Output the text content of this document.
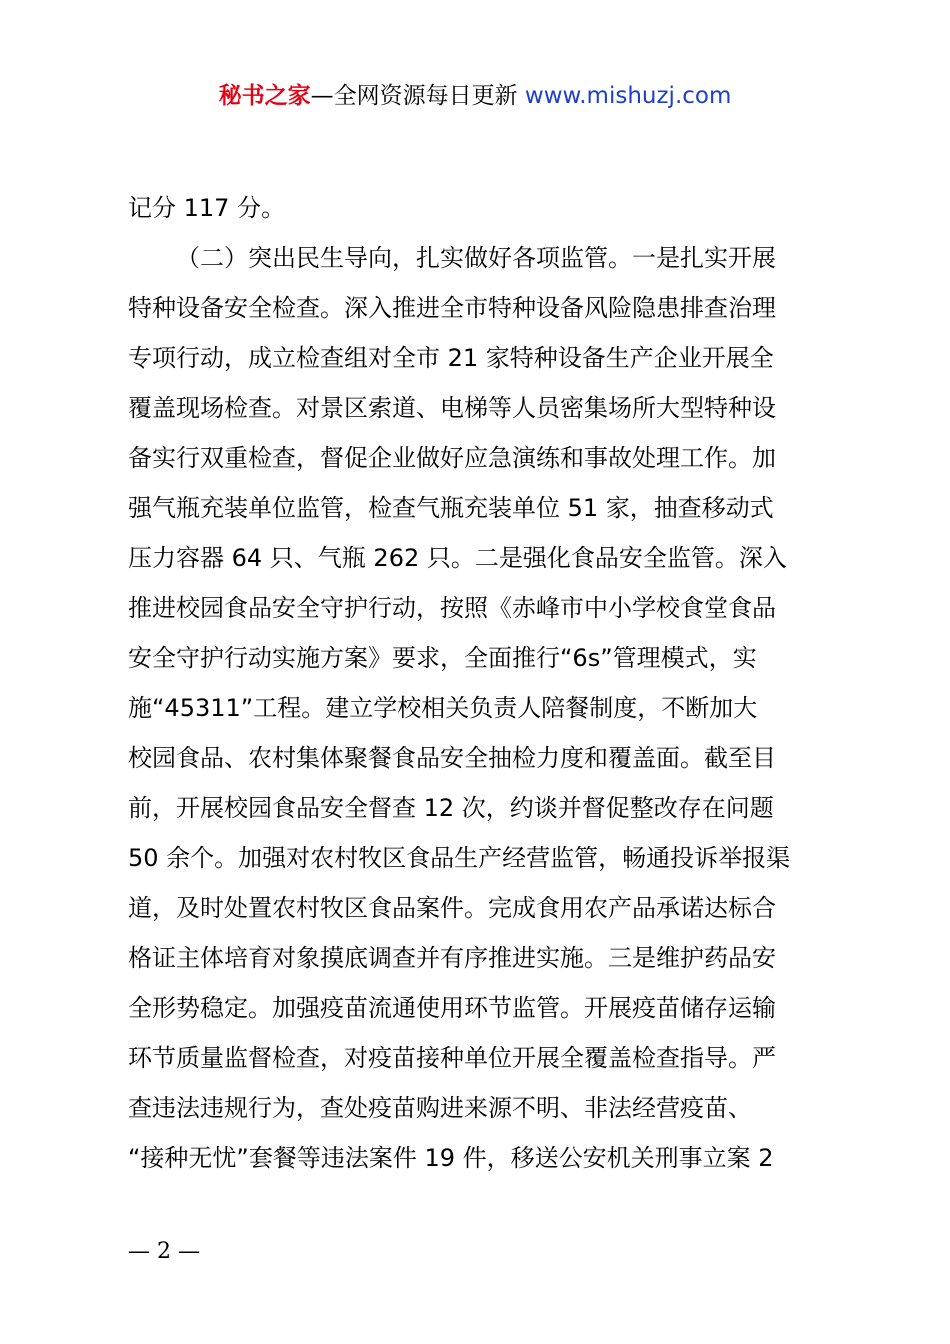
秘书之家—全网资源每日更新 www.mishuzj.com
记分 117 分。
（二）突出民生导向，扎实做好各项监管。一是扎实开展
特种设备安全检查。深入推进全市特种设备风险隐患排查治理
专项行动，成立检查组对全市 21 家特种设备生产企业开展全
覆盖现场检查。对景区索道、电梯等人员密集场所大型特种设
备实行双重检查，督促企业做好应急演练和事故处理工作。加
强气瓶充装单位监管，检查气瓶充装单位 51 家，抽查移动式
压力容器 64 只、气瓶 262 只。二是强化食品安全监管。深入
推进校园食品安全守护行动，按照《赤峰市中小学校食堂食品
安全守护行动实施方案》要求，全面推行“6s”管理模式，实
施“45311”工程。建立学校相关负责人陪餐制度，不断加大
校园食品、农村集体聚餐食品安全抽检力度和覆盖面。截至目
前，开展校园食品安全督查 12 次，约谈并督促整改存在问题
50 余个。加强对农村牧区食品生产经营监管，畅通投诉举报渠
道，及时处置农村牧区食品案件。完成食用农产品承诺达标合
格证主体培育对象摸底调查并有序推进实施。三是维护药品安
全形势稳定。加强疫苗流通使用环节监管。开展疫苗储存运输
环节质量监督检查，对疫苗接种单位开展全覆盖检查指导。严
查违法违规行为，查处疫苗购进来源不明、非法经营疫苗、
“接种无忧”套餐等违法案件 19 件，移送公安机关刑事立案 2
— 2 —
